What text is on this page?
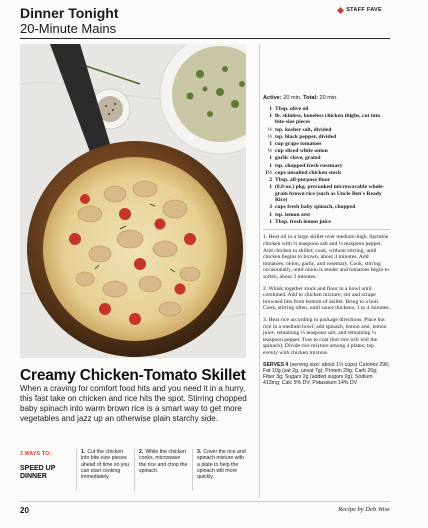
Dinner Tonight
20-Minute Mains
STAFF FAVE
Active: 20 min. Total: 20 min.
1 Tbsp. olive oil
1 lb. skinless, boneless chicken thighs, cut into bite-size pieces
½ tsp. kosher salt, divided
½ tsp. black pepper, divided
1 cup grape tomatoes
½ cup sliced white onion
1 garlic clove, grated
1 tsp. chopped fresh rosemary
1½ cups unsalted chicken stock
2 Tbsp. all-purpose flour
1 (8.8-oz.) pkg. precooked microwavable whole-grain brown rice (such as Uncle Ben's Ready Rice)
3 cups fresh baby spinach, chopped
1 tsp. lemon zest
1 Tbsp. fresh lemon juice

1. Heat oil in a large skillet over medium-high. Sprinkle chicken with ¼ teaspoon salt and ¼ teaspoon pepper. Add chicken to skillet; cook, without stirring, until chicken begins to brown, about 4 minutes. Add tomatoes, onion, garlic, and rosemary. Cook, stirring occasionally, until onion is tender and tomatoes begin to soften, about 3 minutes.

2. Whisk together stock and flour in a bowl until combined. Add to chicken mixture; stir and scrape browned bits from bottom of skillet. Bring to a boil. Cook, stirring often, until sauce thickens, 3 to 4 minutes.

3. Heat rice according to package directions. Place hot rice in a medium bowl; add spinach, lemon zest, lemon juice, remaining ¼ teaspoon salt, and remaining ¼ teaspoon pepper. Toss to coat (hot rice will wilt the spinach). Divide rice mixture among 4 plates; top evenly with chicken mixture.

SERVES 4 (serving size: about 1⅓ cups) Calories 296; Fat 10g (sat 2g, unsat 7g); Protein 29g; Carb 26g; Fiber 3g; Sugars 2g (added sugars 0g); Sodium 413mg; Calc 5% DV; Potassium 14% DV

Creamy Chicken-Tomato Skillet
When a craving for comfort food hits and you need it in a hurry, this fast take on chicken and rice hits the spot. Stirring chopped baby spinach into warm brown rice is a smart way to get more vegetables and jazz up an otherwise plain starchy side.
3 WAYS TO:
SPEED UP DINNER
1. Cut the chicken into bite-size pieces ahead of time so you can start cooking immediately.
2. While the chicken cooks, microwave the rice and chop the spinach.
3. Cover the rice and spinach mixture with a plate to help the spinach wilt more quickly.
20	Recipe by Deb Wise
